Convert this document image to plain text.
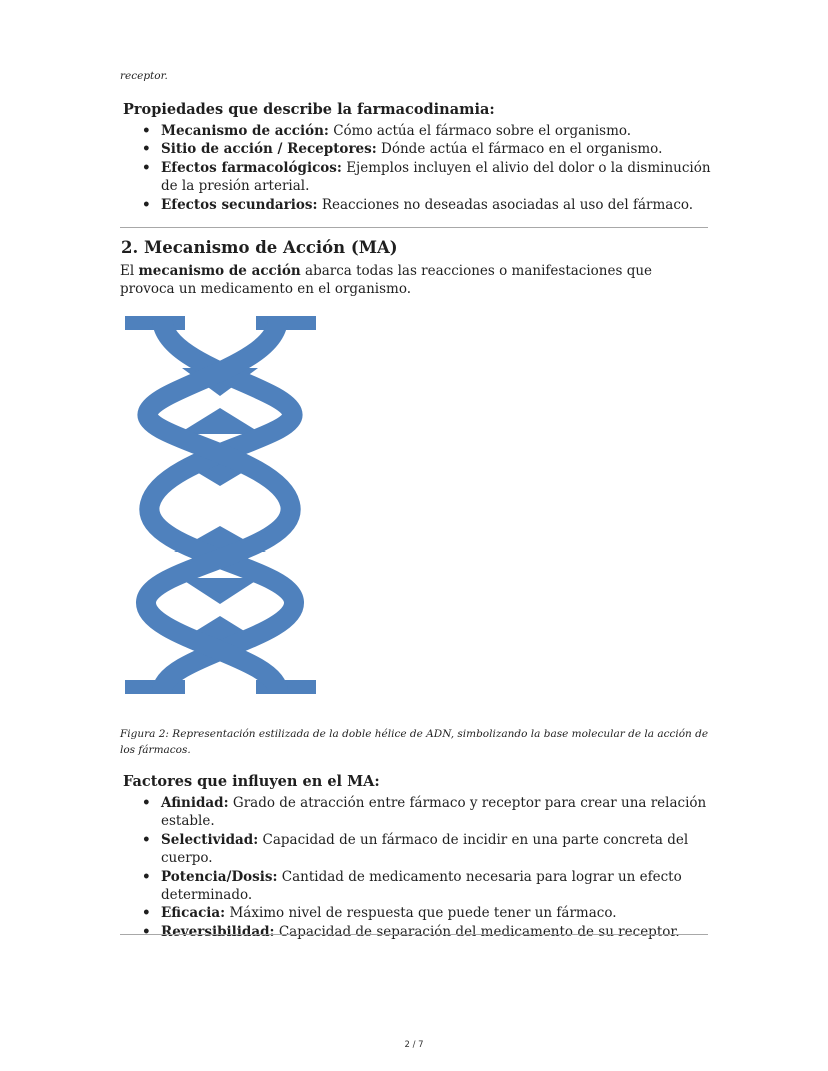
receptor.
Propiedades que describe la farmacodinamia:
• Mecanismo de acción: Cómo actúa el fármaco sobre el organismo.
• Sitio de acción / Receptores: Dónde actúa el fármaco en el organismo.
• Efectos farmacológicos: Ejemplos incluyen el alivio del dolor o la disminución de la presión arterial.
• Efectos secundarios: Reacciones no deseadas asociadas al uso del fármaco.
2. Mecanismo de Acción (MA)

El mecanismo de acción abarca todas las reacciones o manifestaciones que provoca un medicamento en el organismo.

Figura 2: Representación estilizada de la doble hélice de ADN, simbolizando la base molecular de la acción de los fármacos.

Factores que influyen en el MA:
• Afinidad: Grado de atracción entre fármaco y receptor para crear una relación estable.
• Selectividad: Capacidad de un fármaco de incidir en una parte concreta del cuerpo.
• Potencia/Dosis: Cantidad de medicamento necesaria para lograr un efecto determinado.
• Eficacia: Máximo nivel de respuesta que puede tener un fármaco.
• Reversibilidad: Capacidad de separación del medicamento de su receptor.
2 / 7
